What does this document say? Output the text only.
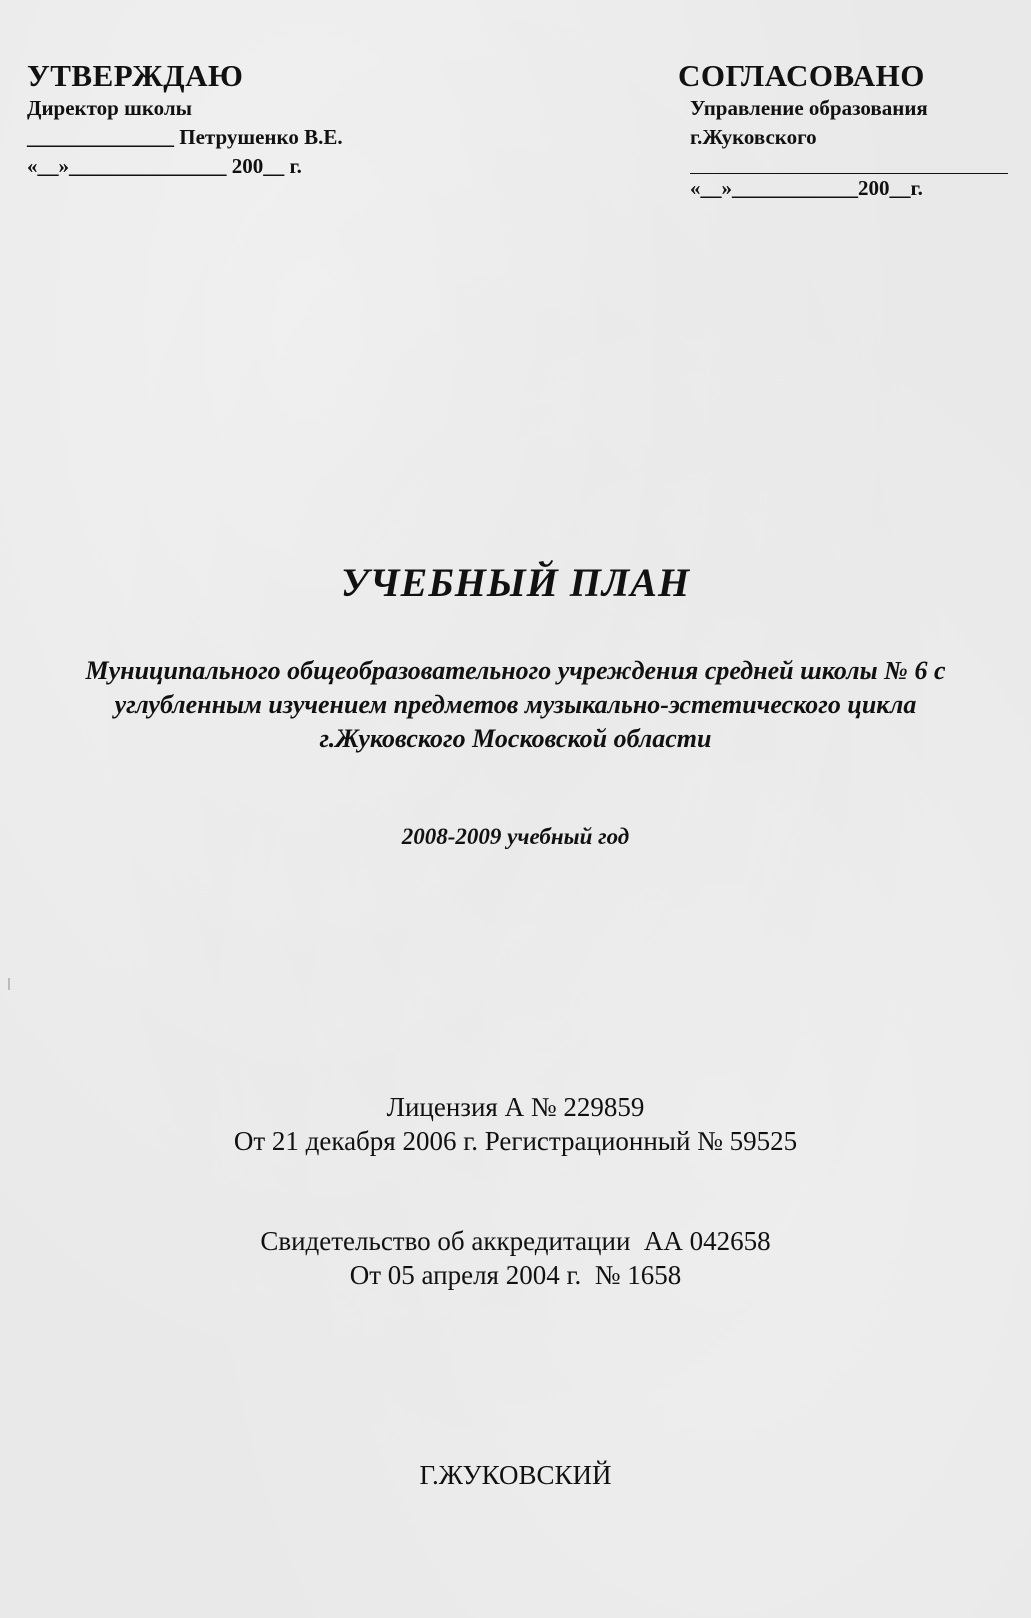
УТВЕРЖДАЮ
Директор школы
______________ Петрушенко В.Е.
«__»_______________ 200__ г.
СОГЛАСОВАНО
Управление образования
г.Жуковского
«__»____________200__г.
УЧЕБНЫЙ ПЛАН
Муниципального общеобразовательного учреждения средней школы № 6 с
углубленным изучением предметов музыкально-эстетического цикла
г.Жуковского Московской области
2008-2009 учебный год
Лицензия А № 229859
От 21 декабря 2006 г. Регистрационный № 59525
Свидетельство об аккредитации  АА 042658
От 05 апреля 2004 г.  № 1658
Г.ЖУКОВСКИЙ
